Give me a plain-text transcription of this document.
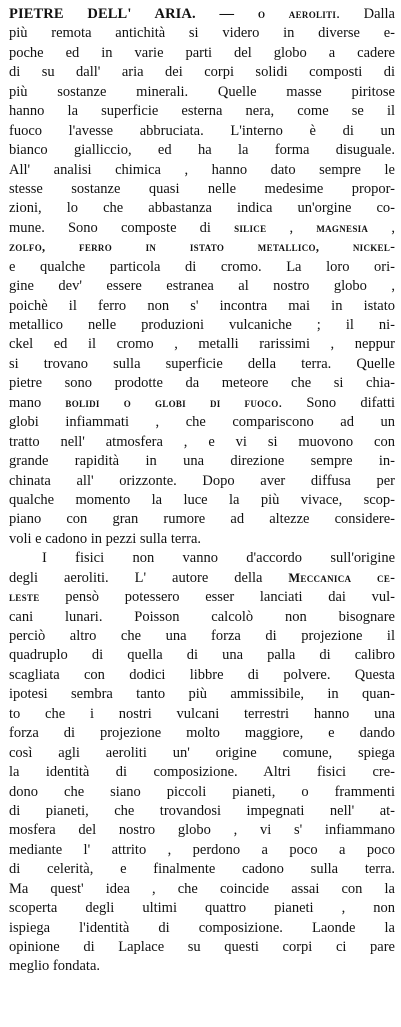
PIETRE DELL' ARIA. — o aeroliti. Dalla
più remota antichità si videro in diverse e-
poche ed in varie parti del globo a cadere
di su dall' aria dei corpi solidi composti di
più sostanze minerali. Quelle masse piritose
hanno la superficie esterna nera, come se il
fuoco l'avesse abbruciata. L'interno è di un
bianco gialliccio, ed ha la forma disuguale.
All' analisi chimica , hanno dato sempre le
stesse sostanze quasi nelle medesime propor-
zioni, lo che abbastanza indica un'orgine co-
mune. Sono composte di silice , magnesia ,
zolfo, ferro in istato metallico, nickel-
e qualche particola di cromo. La loro ori-
gine dev' essere estranea al nostro globo ,
poichè il ferro non s' incontra mai in istato
metallico nelle produzioni vulcaniche ; il ni-
ckel ed il cromo , metalli rarissimi , neppur
si trovano sulla superficie della terra. Quelle
pietre sono prodotte da meteore che si chia-
mano bolidi o globi di fuoco. Sono difatti
globi infiammati , che compariscono ad un
tratto nell' atmosfera , e vi si muovono con
grande rapidità in una direzione sempre in-
chinata all' orizzonte. Dopo aver diffusa per
qualche momento la luce la più vivace, scop-
piano con gran rumore ad altezze considere-
voli e cadono in pezzi sulla terra.
I fisici non vanno d'accordo sull'origine
degli aeroliti. L' autore della Meccanica ce-
leste pensò potessero esser lanciati dai vul-
cani lunari. Poisson calcolò non bisognare
perciò altro che una forza di projezione il
quadruplo di quella di una palla di calibro
scagliata con dodici libbre di polvere. Questa
ipotesi sembra tanto più ammissibile, in quan-
to che i nostri vulcani terrestri hanno una
forza di projezione molto maggiore, e dando
così agli aeroliti un' origine comune, spiega
la identità di composizione. Altri fisici cre-
dono che siano piccoli pianeti, o frammenti
di pianeti, che trovandosi impegnati nell' at-
mosfera del nostro globo , vi s' infiammano
mediante l' attrito , perdono a poco a poco
di celerità, e finalmente cadono sulla terra.
Ma quest' idea , che coincide assai con la
scoperta degli ultimi quattro pianeti , non
ispiega l'identità di composizione. Laonde la
opinione di Laplace su questi corpi ci pare
meglio fondata.
